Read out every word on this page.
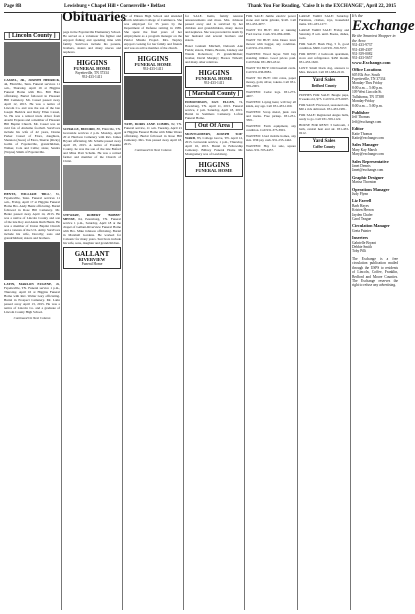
Page 8B	Lewisburg • Chapel Hill • Cornersville • Belfast	Thank You For Reading, 'Caise It is the EXCHANGE', April 22, 2015
Obituaries
[ Lincoln County ]

CASSEL, JR., JOSEPH HEDRICK, 44, Flintville, Tenn. Funeral services 11 a.m., Thursday, April 16 at Higgins Funeral Home with Bro. Bill Hare officiating. Burial followed in Pleasant Hill Cemetery. Mr. Cassel passed away April 12, 2015. He was a native of Lincoln Co. and was the son of the late Joseph Hedrick and Ruby Ellen Cassel, Sr. He was a retired truck driver from Averitt Express and a member of Pleasant Hill Baptist Church. Mr. Cassel was an avid fan of Alabama football. Survivors include his wife of 42 years, Donna Parker Cassel of Elora, daughters, Shannon (Jason) of Elora, Sherrie (Ricky) Gatlin of Fayetteville, grandchildren, Walker, Cole and Callie; sister, Sandra (Wayne) Smith of Fayetteville.

HENTZ, WILLIAM 'BILL', 81, Fayetteville, Tenn. Funeral services 11 a.m., Friday, April 17 at Higgins Funeral Home Bro. Andy Hentz officiating. Burial followed in Rose Hill Cemetery. Mr. Hentz passed away April 14, 2015. He was a native of Lincoln County and son of the late Roy and Annie Ruth Hentz. He was a member of Union Baptist Church and a veteran of the U.S. Army. Survivors include his wife, Dorothy; sons and grandchildren; sisters and brothers.

LATIN, MARLON EUGENE, 49, Fayetteville, TN. Funeral service 1 p.m., Thursday, April 16 at Higgins Funeral Home with Rev. Walter Gary officiating. Burial in Prospect Cemetery. Mr. Latin passed away April 13, 2015. He was a native of Lincoln Co. and a graduate of Lincoln County High School.

Continued On Next Column

page in the Fayetteville Elementary School. He served as a volunteer fire fighter and enjoyed fishing and spending time with family. Survivors include his parents, brothers, sisters and many nieces and nephews.

HIGGINS
FUNERAL HOME
Fayetteville, TN 37334
931-433-1411

SCHALLE, BUFORD, 88, Flintville, TN. Graveside services 2 p.m. Monday, April 20 at Harrison Cemetery with Rev. James Bryant officiating. Mr. Schalle passed away April 18, 2015. A native of Franklin County, he was the son of the late Buford and Mina Pratt Schalle. He was a retired farmer and member of the Church of Christ.

STEWART, ROBERT 'BOBBY' MENSE, 64, Petersburg, TN. Funeral service 1 p.m., Saturday, April 18 at the chapel of Gallant-Riverview Funeral Home with Bro. Mike Johnson officiating. Burial in Marshall Gardens. He worked for Calsonic for many years. Survivors include his wife, sons, daughter and grandchildren.

GALLANT
RIVERVIEW
Funeral Home

ter of Elkton High School and attended North Alabama College of Commerce. She was employed for 35 years by the Department of Defense retiring in 1985. She spent the final years of her employment as a program manager on the Patriot Missile Project. Mrs. Tarpley enjoyed cooking for her family and friends and was an active member of the church.

HIGGINS
FUNERAL HOME
931-433-1411

TATE, DORIS JANE COMBS, 82, TN. Funeral service, 11 a.m. Tuesday, April 21 at Higgins Funeral Home with Mike Weare officiating. Burial followed in Rose Hill Cemetery. Mrs. Tate passed away April 18, 2015.

Continued On Next Column

for SALE. Items, family reunion announcements and more. Mrs. Johnson passed away and is survived by her children and grandchildren, many nieces and nephews. She was preceded in death by her husband and several brothers and sisters.

Hazel Graham Mitchell, Deborah Ann Fields; sisters, Emma, Brenda, Lindsey and Wanda Robertson; 15 grandchildren; brother, David Murphy; Horace Tidwell; and many other relatives.

HIGGINS
FUNERAL HOME
931-433-1411
[ Marshall County ]

EDMONDSON, SGT. ELLEN, 74, Lewisburg, TN. April 11, 2015. Funeral service, 2 p.m. Saturday, April 18, 2015. Burial in Sommers Cemetery. Lofton Funeral Home.

[ Out Of Area ]

MONTGOMERY, JOSEPH 'JOE' WARD, 83, College Grove, TN. April 12, 2015. Graveside service, 1 p.m., Thursday, April 16, 2015. Burial in Fellowship Cemetery. Bilbrey Funeral Home Mr. Montgomery was of Lewisburg.

HIGGINS
FUNERAL HOME

FOR SALE: Jumbo electric power stone and turtle grinder, $120. Call 931-433-4977.

WANT TO BUY: Old or running Ford tractor. Cash. 931-684-2006.

WANT TO BUY: John Deere lawn mower with bagger, any condition. Call 931-231-0001.

WANTED: Wood buyer. Will buy standing timber. Good prices paid. Call Eddie 931-993-4312.

WANT TO BUY: Old baseball cards. Call 931-636-8981.

WANT TO BUY: Old coins, paper money, gold, silver, tokens. Call 931-359-2003.

WANTED: Cedar logs. 931-273-4407.

WANTED: Laying hens; will buy all kinds, any age. Call 931-433-1160.

WANTED: Scrap metal, junk cars and trucks. Free pickup. 931-231-3301.

WANTED: Farm equipment, any condition. Call 931-375-3901.

WANTED: Used mobile homes, any size. Will pay cash. 931-233-1442.

WANTED: Hay for sale, square bales. 931-703-4457.

LARGE YARD SALE: Saturday. Furniture, clothes, toys, household items. 931-433-1277.

LARGE YARD SALE: Friday and Saturday, 8 a.m. until. Books, dishes, tools.

FOR SALE: Bush Hog, 5 ft, good condition. $600. Call 931-359-5557.

FOR RENT: 2 bedroom apartment, stove and refrigerator. $450 month. 931-433-1620.

LOST: Small black dog, answers to Max. Reward. Call 931-684-2219.

Yard Sales
Bedford County

PUPPIES FOR SALE: Beagle pups, 8 weeks old, $75. Call 931-273-6007.

FOR SALE: Firewood, seasoned oak, $60 a rick delivered. 931-433-1981.

FOR SALE: Registered Angus bulls, ready to go. Call 931-359-1122.

HOUSE FOR RENT: 3 bedroom, 1 bath, central heat and air. 931-433-0212.

Yard Sales
Coffee County
It's the
Exchange
Be the Smartest Shopper in the Area
931-433-9737
931-438-4307
931-359-0082
931-433-5657
www.Exchange.com
Office Locations
605 Elk Ave. South
Fayetteville, TN 37334
Monday-Thru Friday
8:00 a.m. – 5:00 p.m.
109 West Lincoln St.
Tullahoma, TN 37388
Monday-Friday
8:00 a.m. – 5:00 p.m.
Publisher
Jeff Thomas
Jeff@exchange.com
Editor
Katie Thomas
Katie@exchange.com
Sales Manager
Mary Kay Marsh
Mary@exchange.com
Sales Representative
Janet Dennis
Janet@exchange.com
Graphic Designer
Marisa Thornton
Operations Manager
Judy Flynn
Liz Farrell
Barb Hayes
Kristen Herron
Jayden Chafer
Carol Teague
Circulation Manager
Greta Painter
Inserters
Gabrielle Bryant
Debbie Smith
Toby Pilli

The Exchange is a free circulation publication mailed through the USPS to residents of Lincoln, Coffee, Franklin, Bedford and Moore Counties. The Exchange reserves the right to refuse any advertising.
